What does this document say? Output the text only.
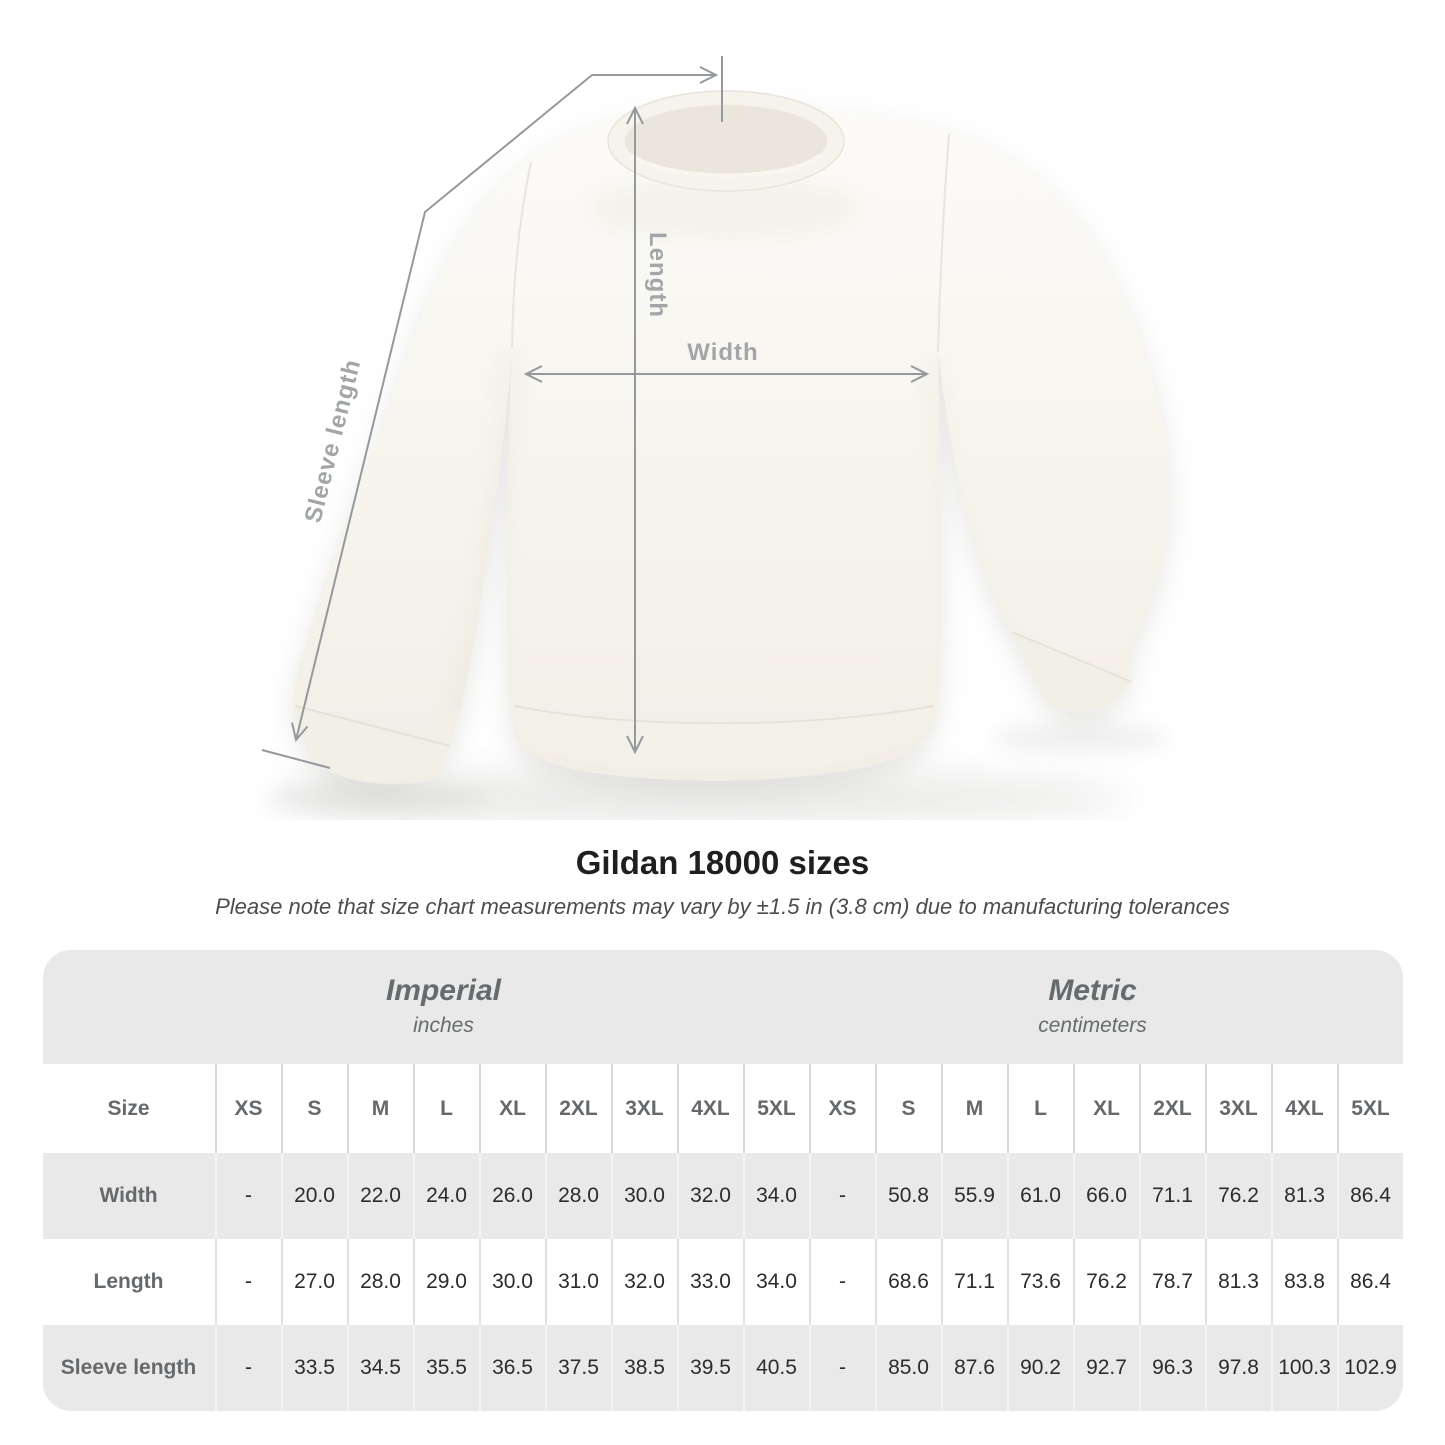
Width
Length
Sleeve length
Gildan 18000 sizes
Please note that size chart measurements may vary by ±1.5 in (3.8 cm) due to manufacturing tolerances
Imperial
inches

Metric
centimeters

Size	XS	S	M	L	XL	2XL	3XL	4XL	5XL	XS	S	M	L	XL	2XL	3XL	4XL	5XL
Width	-	20.0	22.0	24.0	26.0	28.0	30.0	32.0	34.0	-	50.8	55.9	61.0	66.0	71.1	76.2	81.3	86.4
Length	-	27.0	28.0	29.0	30.0	31.0	32.0	33.0	34.0	-	68.6	71.1	73.6	76.2	78.7	81.3	83.8	86.4
Sleeve length	-	33.5	34.5	35.5	36.5	37.5	38.5	39.5	40.5	-	85.0	87.6	90.2	92.7	96.3	97.8	100.3	102.9
